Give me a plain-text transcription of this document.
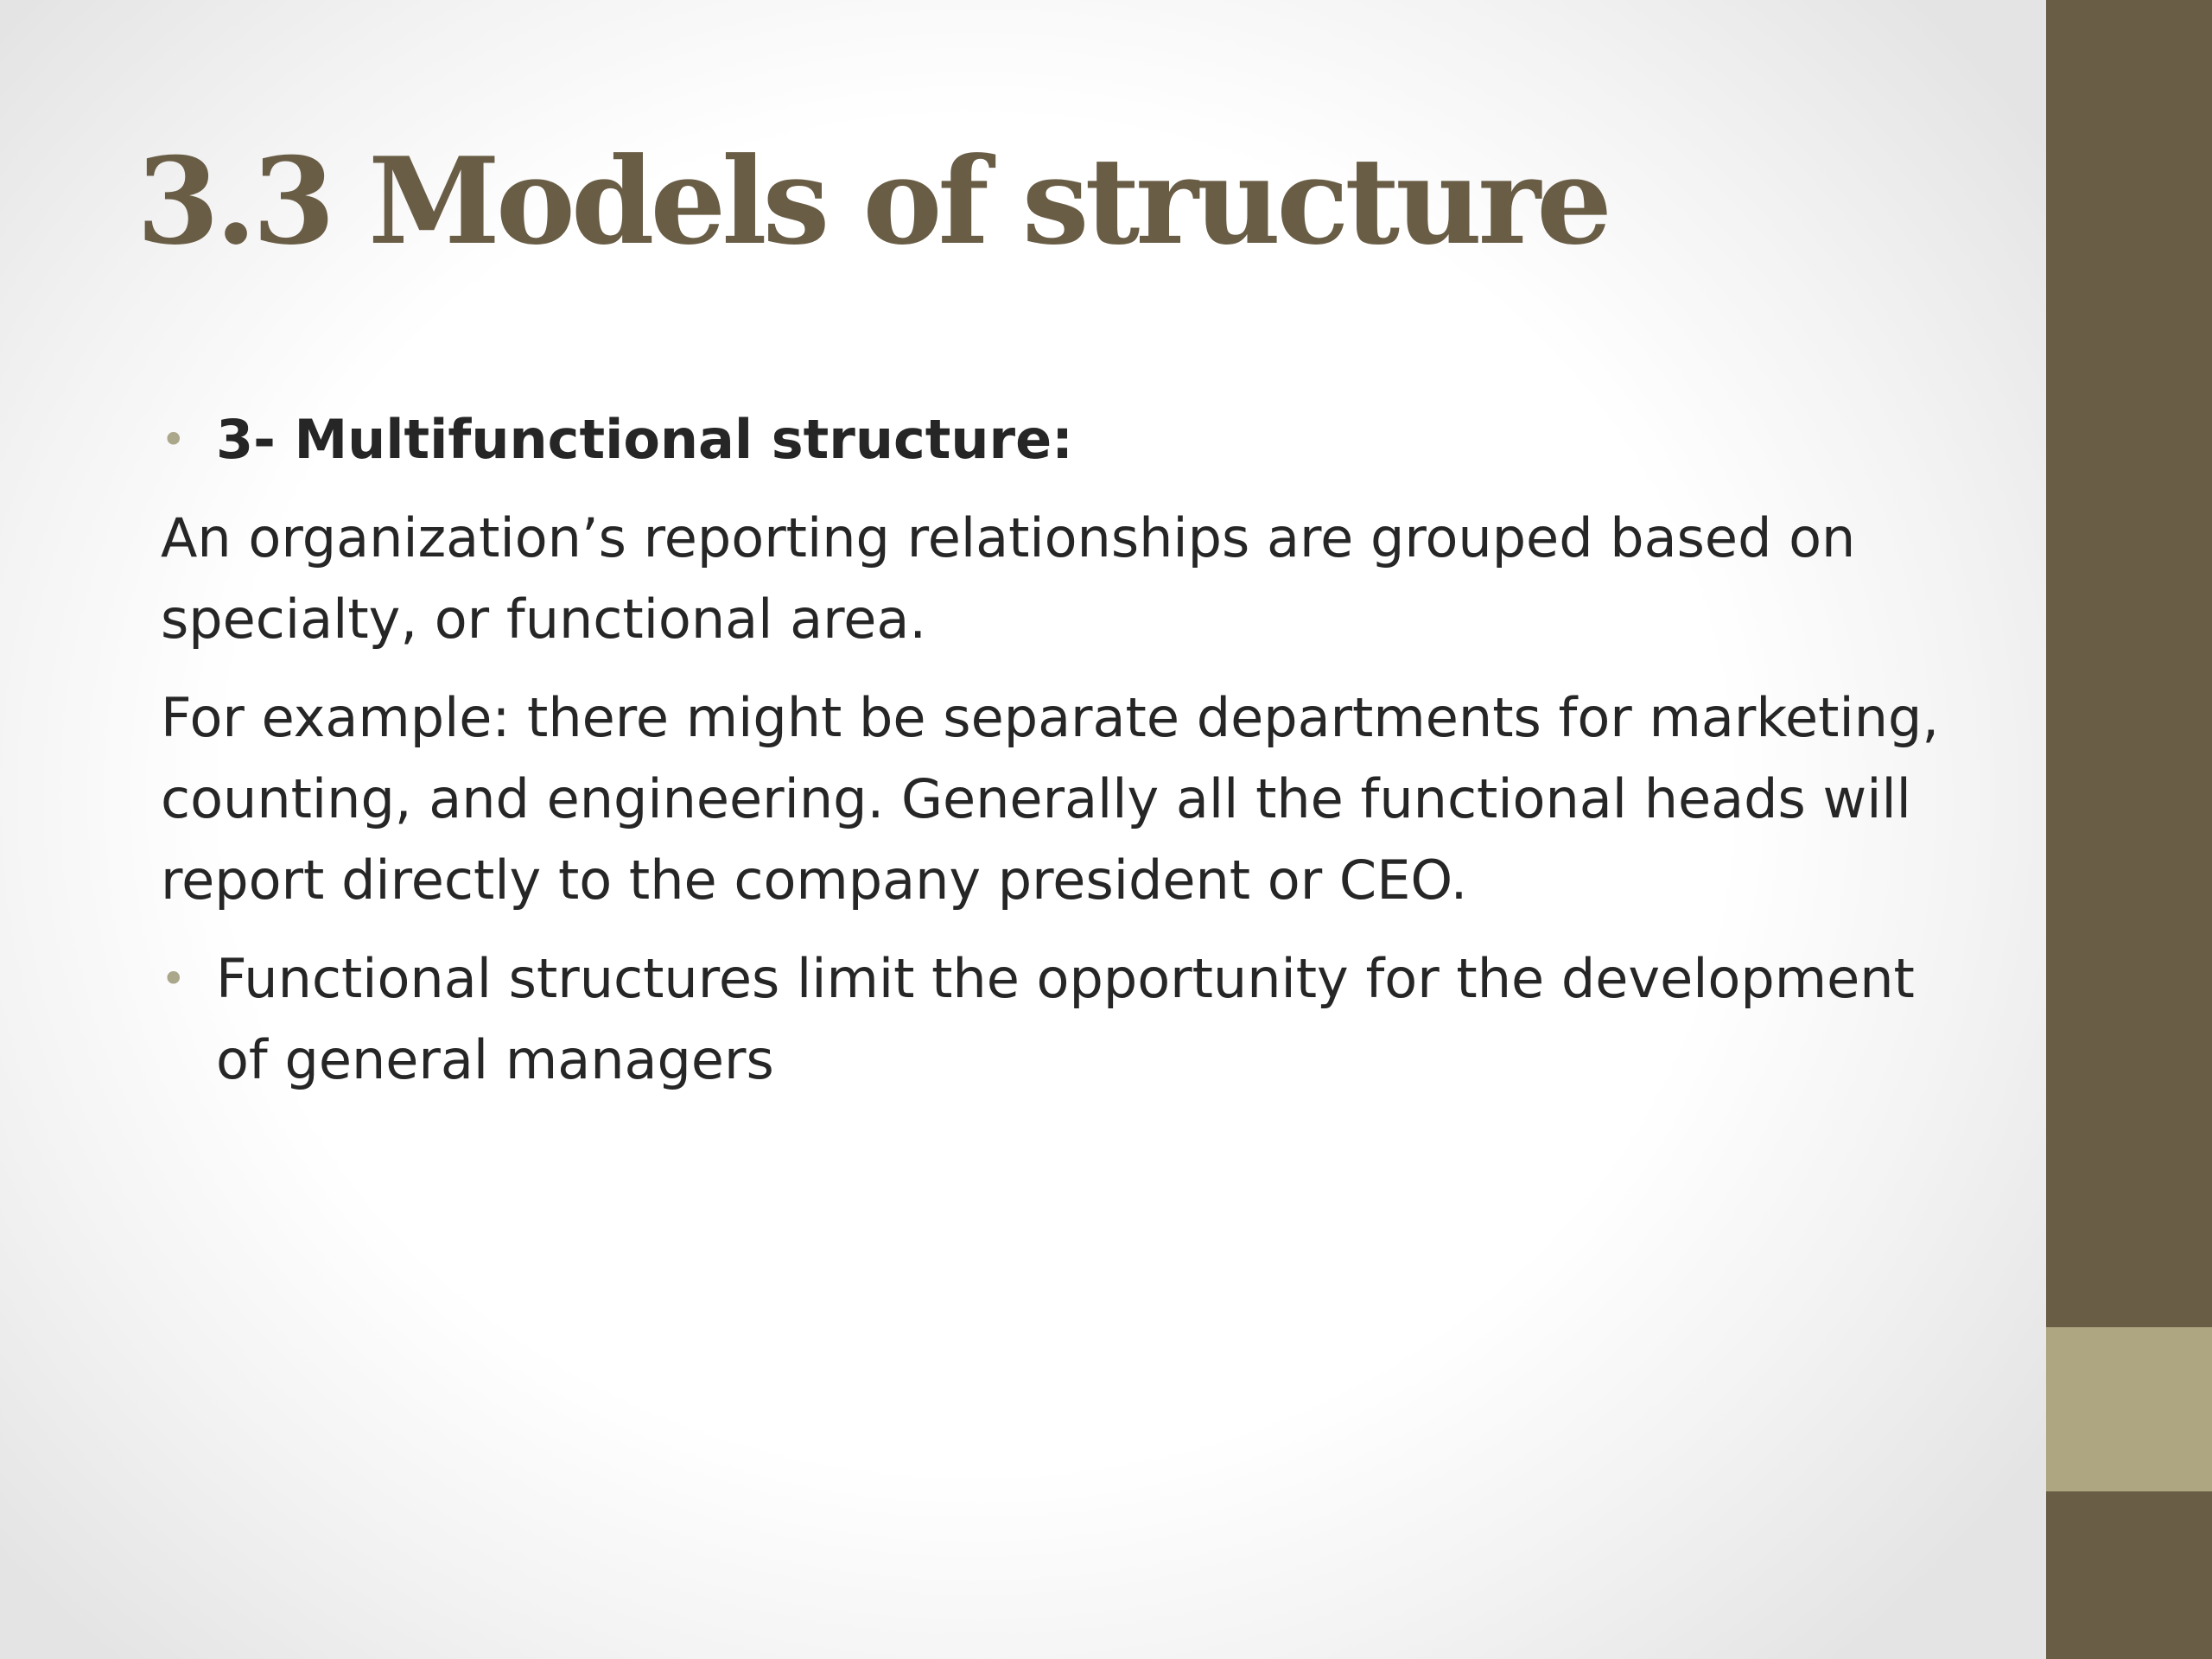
3.3 Models of structure
• 3- Multifunctional structure:
An organization’s reporting relationships are grouped based on specialty, or functional area.
For example: there might be separate departments for marketing, counting, and engineering. Generally all the functional heads will report directly to the company president or CEO.
• Functional structures limit the opportunity for the development of general managers
